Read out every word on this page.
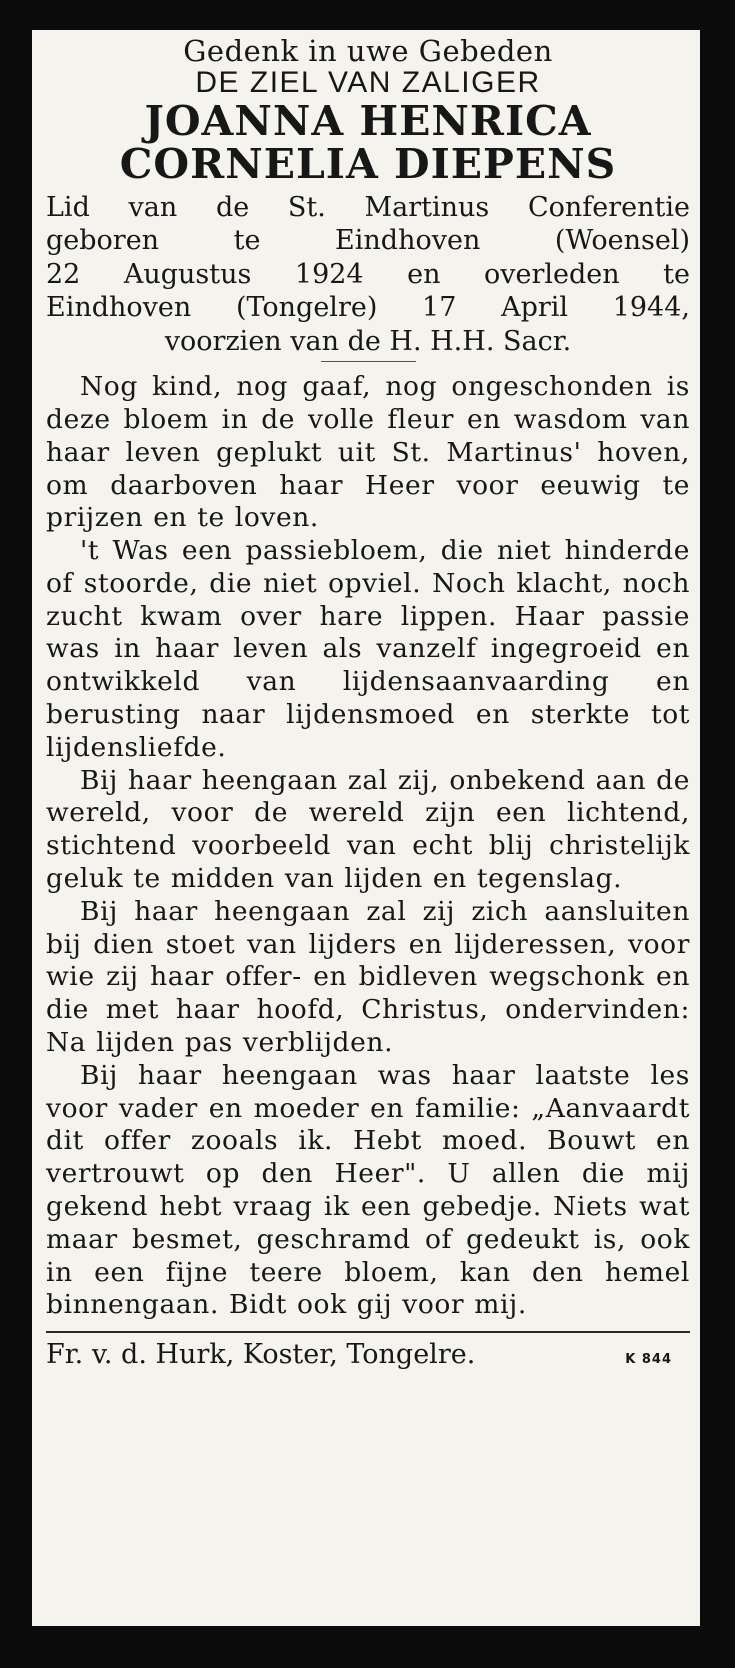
Gedenk in uwe Gebeden
DE ZIEL VAN ZALIGER
JOANNA HENRICA
CORNELIA DIEPENS
Lid van de St. Martinus Conferentie
geboren te Eindhoven (Woensel)
22 Augustus 1924 en overleden te
Eindhoven (Tongelre) 17 April 1944,
voorzien van de H. H.H. Sacr.

Nog kind, nog gaaf, nog ongeschonden is deze bloem in de volle fleur en wasdom van haar leven geplukt uit St. Martinus' hoven, om daarboven haar Heer voor eeuwig te prijzen en te loven.

't Was een passiebloem, die niet hinderde of stoorde, die niet opviel. Noch klacht, noch zucht kwam over hare lippen. Haar passie was in haar leven als vanzelf ingegroeid en ontwikkeld van lijdensaanvaarding en berusting naar lijdensmoed en sterkte tot lijdensliefde.

Bij haar heengaan zal zij, onbekend aan de wereld, voor de wereld zijn een lichtend, stichtend voorbeeld van echt blij christelijk geluk te midden van lijden en tegenslag.

Bij haar heengaan zal zij zich aansluiten bij dien stoet van lijders en lijderessen, voor wie zij haar offer- en bidleven wegschonk en die met haar hoofd, Christus, ondervinden: Na lijden pas verblijden.

Bij haar heengaan was haar laatste les voor vader en moeder en familie: „Aanvaardt dit offer zooals ik. Hebt moed. Bouwt en vertrouwt op den Heer". U allen die mij gekend hebt vraag ik een gebedje. Niets wat maar besmet, geschramd of gedeukt is, ook in een fijne teere bloem, kan den hemel binnengaan. Bidt ook gij voor mij.

Fr. v. d. Hurk, Koster, Tongelre.	K 844
